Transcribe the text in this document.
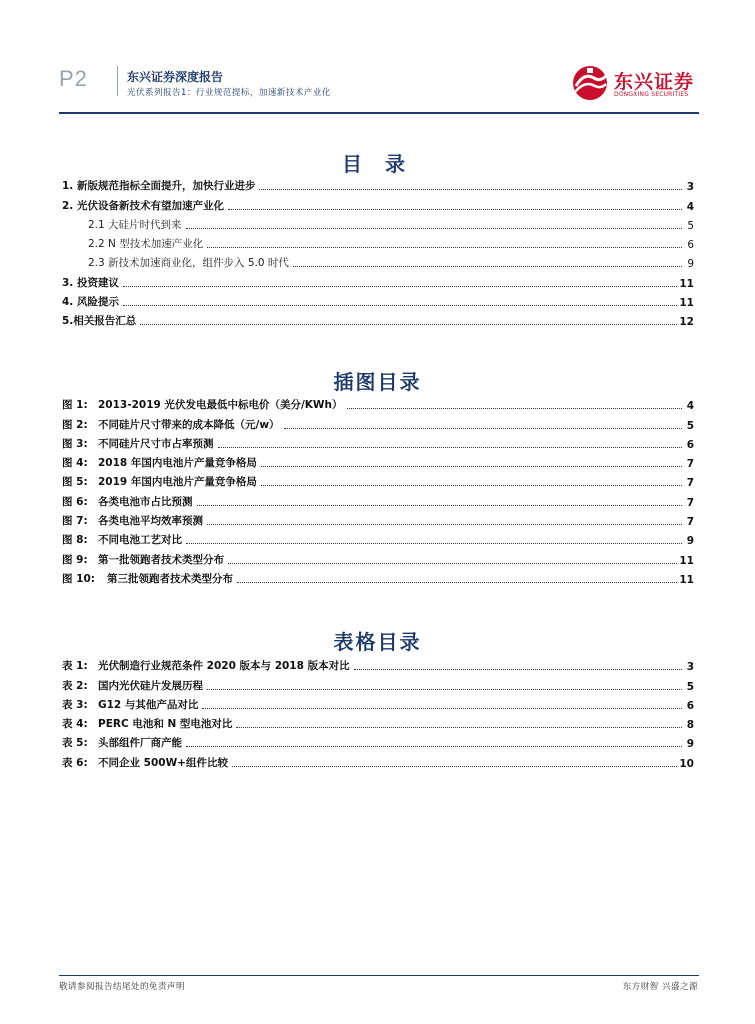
P2	东兴证券深度报告
光伏系列报告1：行业规范提标，加速新技术产业化	东兴证券
DONGXING SECURITIES
目 录
1. 新版规范指标全面提升，加快行业进步	3
2. 光伏设备新技术有望加速产业化	4
2.1 大硅片时代到来	5
2.2 N 型技术加速产业化	6
2.3 新技术加速商业化，组件步入 5.0 时代	9
3. 投资建议	11
4. 风险提示	11
5.相关报告汇总	12
插图目录
图 1: 2013-2019 光伏发电最低中标电价（美分/KWh）	4
图 2: 不同硅片尺寸带来的成本降低（元/w）	5
图 3: 不同硅片尺寸市占率预测	6
图 4: 2018 年国内电池片产量竞争格局	7
图 5: 2019 年国内电池片产量竞争格局	7
图 6: 各类电池市占比预测	7
图 7: 各类电池平均效率预测	7
图 8: 不同电池工艺对比	9
图 9: 第一批领跑者技术类型分布	11
图 10: 第三批领跑者技术类型分布	11
表格目录
表 1: 光伏制造行业规范条件 2020 版本与 2018 版本对比	3
表 2: 国内光伏硅片发展历程	5
表 3: G12 与其他产品对比	6
表 4: PERC 电池和 N 型电池对比	8
表 5: 头部组件厂商产能	9
表 6: 不同企业 500W+组件比较	10
敬请参阅报告结尾处的免责声明	东方财智 兴盛之源
